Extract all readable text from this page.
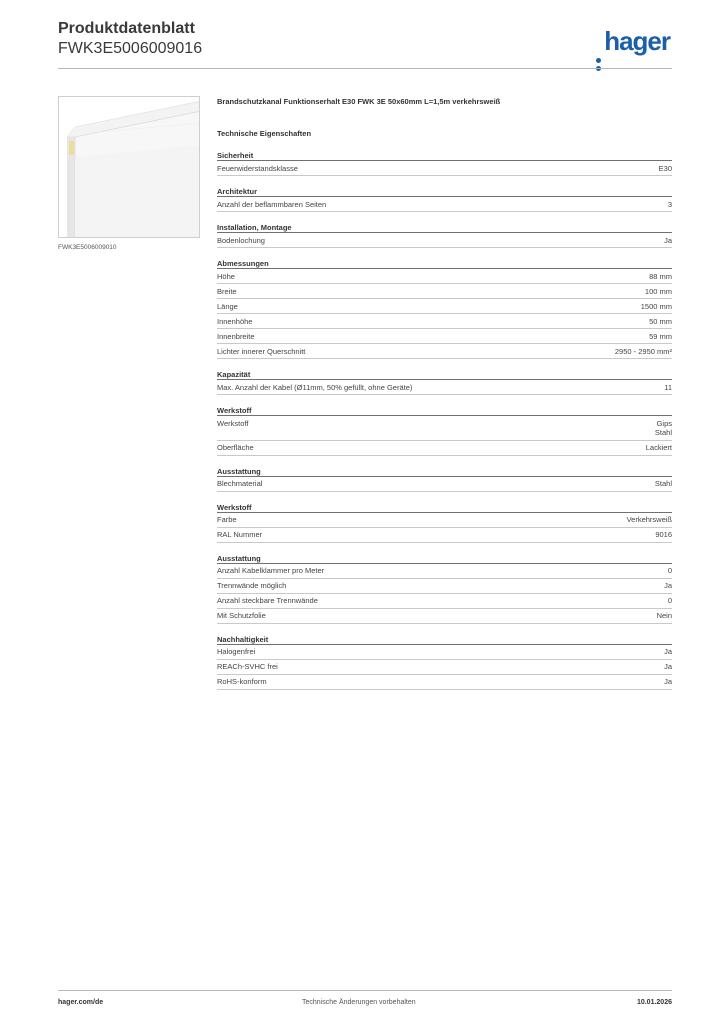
Produktdatenblatt
FWK3E5006009016	hager
FWK3E5006009010
Brandschutzkanal Funktionserhalt E30 FWK 3E 50x60mm L=1,5m verkehrsweiß
Technische Eigenschaften
Sicherheit
Feuerwiderstandsklasse	E30
Architektur
Anzahl der beflammbaren Seiten	3
Installation, Montage
Bodenlochung	Ja
Abmessungen
Höhe	88 mm
Breite	100 mm
Länge	1500 mm
Innenhöhe	50 mm
Innenbreite	59 mm
Lichter innerer Querschnitt	2950 - 2950 mm²
Kapazität
Max. Anzahl der Kabel (Ø11mm, 50% gefüllt, ohne Geräte)	11
Werkstoff
Werkstoff	Gips
Stahl
Oberfläche	Lackiert
Ausstattung
Blechmaterial	Stahl
Werkstoff
Farbe	Verkehrsweiß
RAL Nummer	9016
Ausstattung
Anzahl Kabelklammer pro Meter	0
Trennwände möglich	Ja
Anzahl steckbare Trennwände	0
Mit Schutzfolie	Nein
Nachhaltigkeit
Halogenfrei	Ja
REACh-SVHC frei	Ja
RoHS-konform	Ja
hager.com/de	Technische Änderungen vorbehalten	10.01.2026
